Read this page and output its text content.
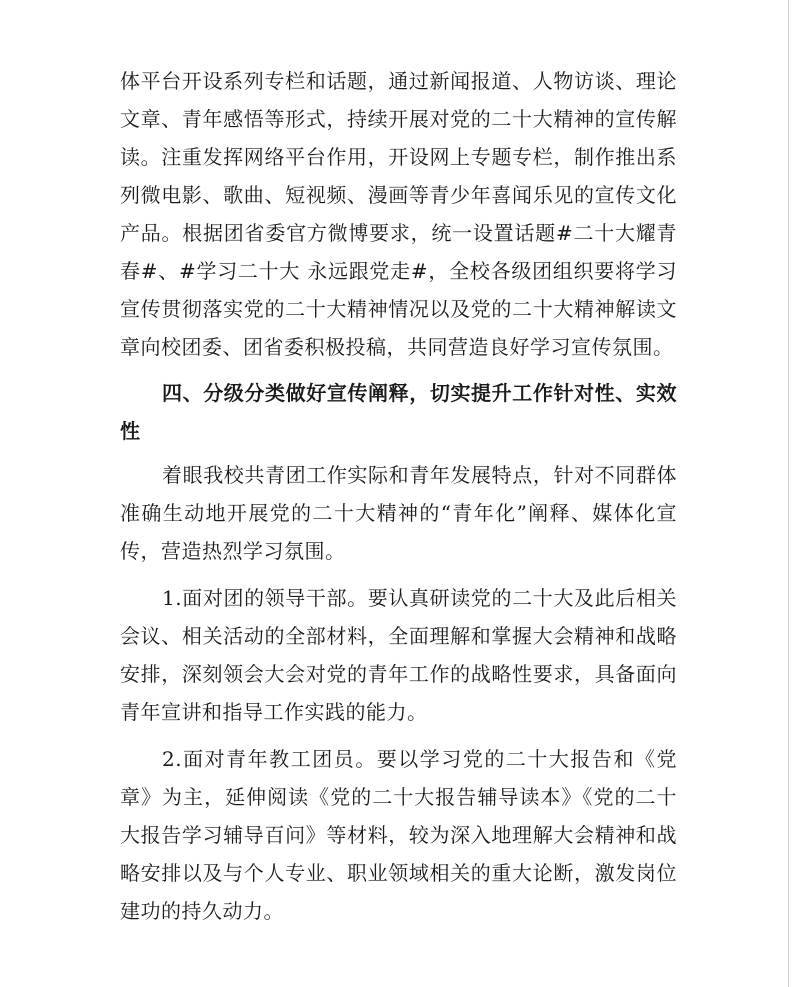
体平台开设系列专栏和话题，通过新闻报道、人物访谈、理论文章、青年感悟等形式，持续开展对党的二十大精神的宣传解读。注重发挥网络平台作用，开设网上专题专栏，制作推出系列微电影、歌曲、短视频、漫画等青少年喜闻乐见的宣传文化产品。根据团省委官方微博要求，统一设置话题#二十大耀青春#、#学习二十大 永远跟党走#，全校各级团组织要将学习宣传贯彻落实党的二十大精神情况以及党的二十大精神解读文章向校团委、团省委积极投稿，共同营造良好学习宣传氛围。

四、分级分类做好宣传阐释，切实提升工作针对性、实效性

着眼我校共青团工作实际和青年发展特点，针对不同群体准确生动地开展党的二十大精神的“青年化”阐释、媒体化宣传，营造热烈学习氛围。

1.面对团的领导干部。要认真研读党的二十大及此后相关会议、相关活动的全部材料，全面理解和掌握大会精神和战略安排，深刻领会大会对党的青年工作的战略性要求，具备面向青年宣讲和指导工作实践的能力。

2.面对青年教工团员。要以学习党的二十大报告和《党章》为主，延伸阅读《党的二十大报告辅导读本》《党的二十大报告学习辅导百问》等材料，较为深入地理解大会精神和战略安排以及与个人专业、职业领域相关的重大论断，激发岗位建功的持久动力。
